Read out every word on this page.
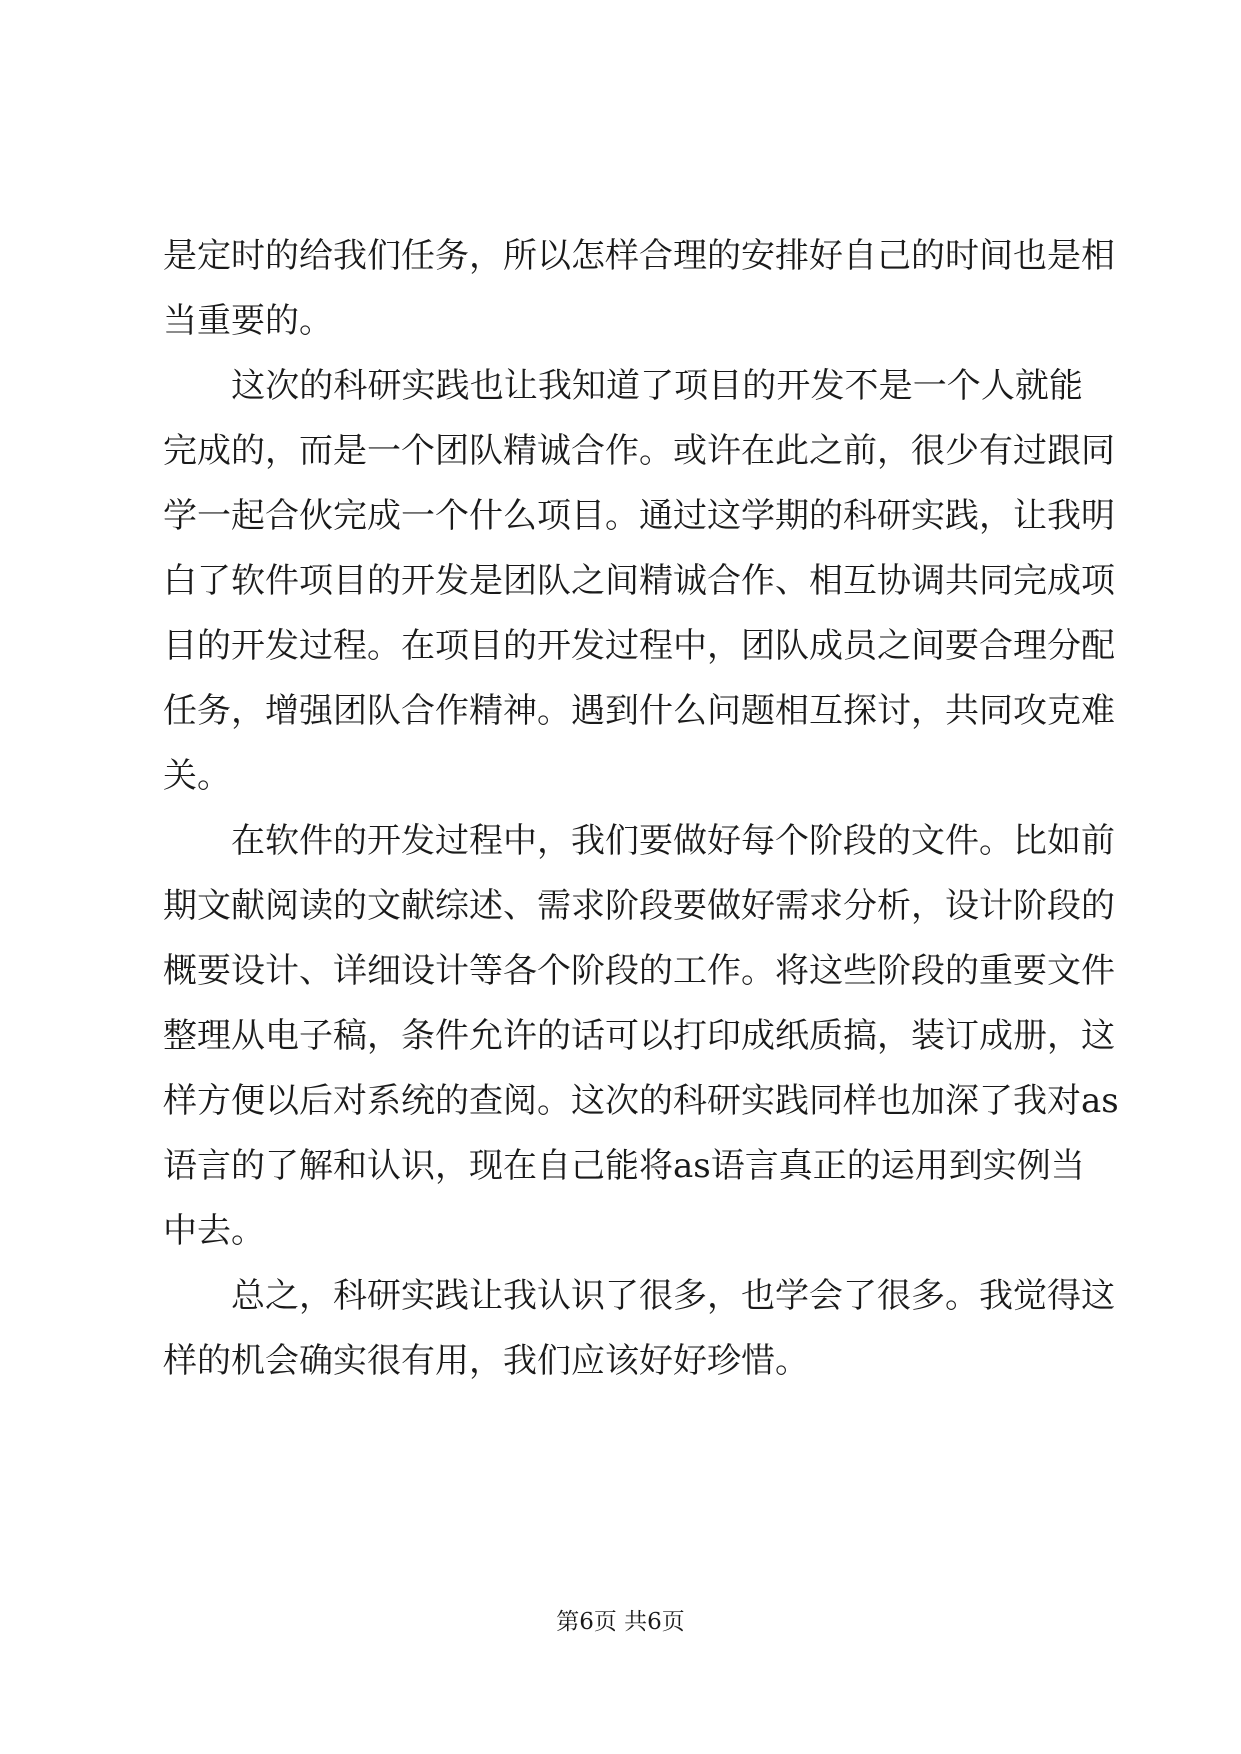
是定时的给我们任务，所以怎样合理的安排好自己的时间也是相
当重要的。
　　这次的科研实践也让我知道了项目的开发不是一个人就能
完成的，而是一个团队精诚合作。或许在此之前，很少有过跟同
学一起合伙完成一个什么项目。通过这学期的科研实践，让我明
白了软件项目的开发是团队之间精诚合作、相互协调共同完成项
目的开发过程。在项目的开发过程中，团队成员之间要合理分配
任务，增强团队合作精神。遇到什么问题相互探讨，共同攻克难
关。
　　在软件的开发过程中，我们要做好每个阶段的文件。比如前
期文献阅读的文献综述、需求阶段要做好需求分析，设计阶段的
概要设计、详细设计等各个阶段的工作。将这些阶段的重要文件
整理从电子稿，条件允许的话可以打印成纸质搞，装订成册，这
样方便以后对系统的查阅。这次的科研实践同样也加深了我对as
语言的了解和认识，现在自己能将as语言真正的运用到实例当
中去。
　　总之，科研实践让我认识了很多，也学会了很多。我觉得这
样的机会确实很有用，我们应该好好珍惜。
第6页 共6页
